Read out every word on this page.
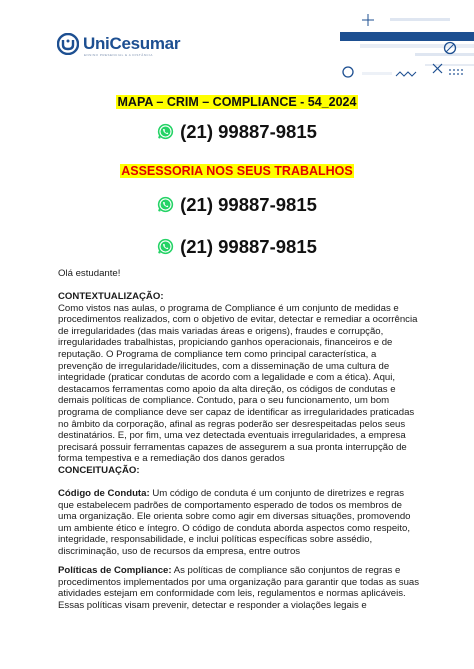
UniCesumar
ENSINO PRESENCIAL E A DISTÂNCIA
MAPA – CRIM – COMPLIANCE - 54_2024
(21) 99887-9815
ASSESSORIA NOS SEUS TRABALHOS
(21) 99887-9815
(21) 99887-9815

Olá estudante!

CONTEXTUALIZAÇÃO:

Como vistos nas aulas, o programa de Compliance é um conjunto de medidas e procedimentos realizados, com o objetivo de evitar, detectar e remediar a ocorrência de irregularidades (das mais variadas áreas e origens), fraudes e corrupção, irregularidades trabalhistas, propiciando ganhos operacionais, financeiros e de reputação. O Programa de compliance tem como principal característica, a prevenção de irregularidade/ilicitudes, com a disseminação de uma cultura de integridade (praticar condutas de acordo com a legalidade e com a ética). Aqui, destacamos ferramentas como apoio da alta direção, os códigos de condutas e demais políticas de compliance. Contudo, para o seu funcionamento, um bom programa de compliance deve ser capaz de identificar as irregularidades praticadas no âmbito da corporação, afinal as regras poderão ser desrespeitadas pelos seus destinatários. E, por fim, uma vez detectada eventuais irregularidades, a empresa precisará possuir ferramentas capazes de assegurem a sua pronta interrupção de forma tempestiva e a remediação dos danos gerados

CONCEITUAÇÃO:

Código de Conduta: Um código de conduta é um conjunto de diretrizes e regras que estabelecem padrões de comportamento esperado de todos os membros de uma organização. Ele orienta sobre como agir em diversas situações, promovendo um ambiente ético e íntegro. O código de conduta aborda aspectos como respeito, integridade, responsabilidade, e inclui políticas específicas sobre assédio, discriminação, uso de recursos da empresa, entre outros

Políticas de Compliance: As políticas de compliance são conjuntos de regras e procedimentos implementados por uma organização para garantir que todas as suas atividades estejam em conformidade com leis, regulamentos e normas aplicáveis. Essas políticas visam prevenir, detectar e responder a violações legais e
